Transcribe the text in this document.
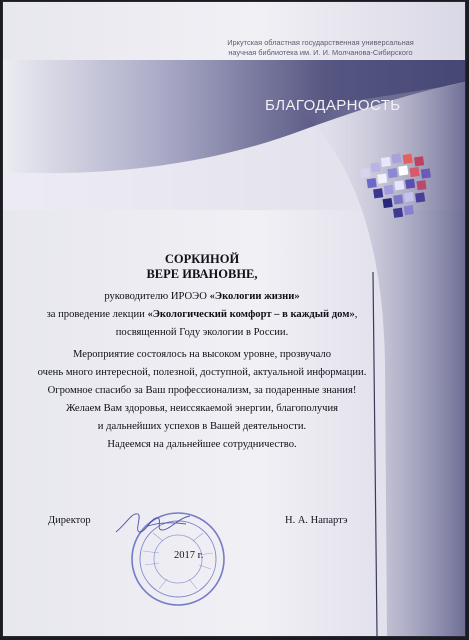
Иркутская областная государственная универсальная
научная библиотека им. И. И. Молчанова-Сибирского
БЛАГОДАРНОСТЬ
СОРКИНОЙ
ВЕРЕ ИВАНОВНЕ,
руководителю ИРОЭО «Экологии жизни»
за проведение лекции «Экологический комфорт – в каждый дом»,
посвященной Году экологии в России.
Мероприятие состоялось на высоком уровне, прозвучало
очень много интересной, полезной, доступной, актуальной информации.
Огромное спасибо за Ваш профессионализм, за подаренные знания!
Желаем Вам здоровья, неиссякаемой энергии, благополучия
и дальнейших успехов в Вашей деятельности.
Надеемся на дальнейшее сотрудничество.
Директор	Н. А. Напартэ
2017 г.
